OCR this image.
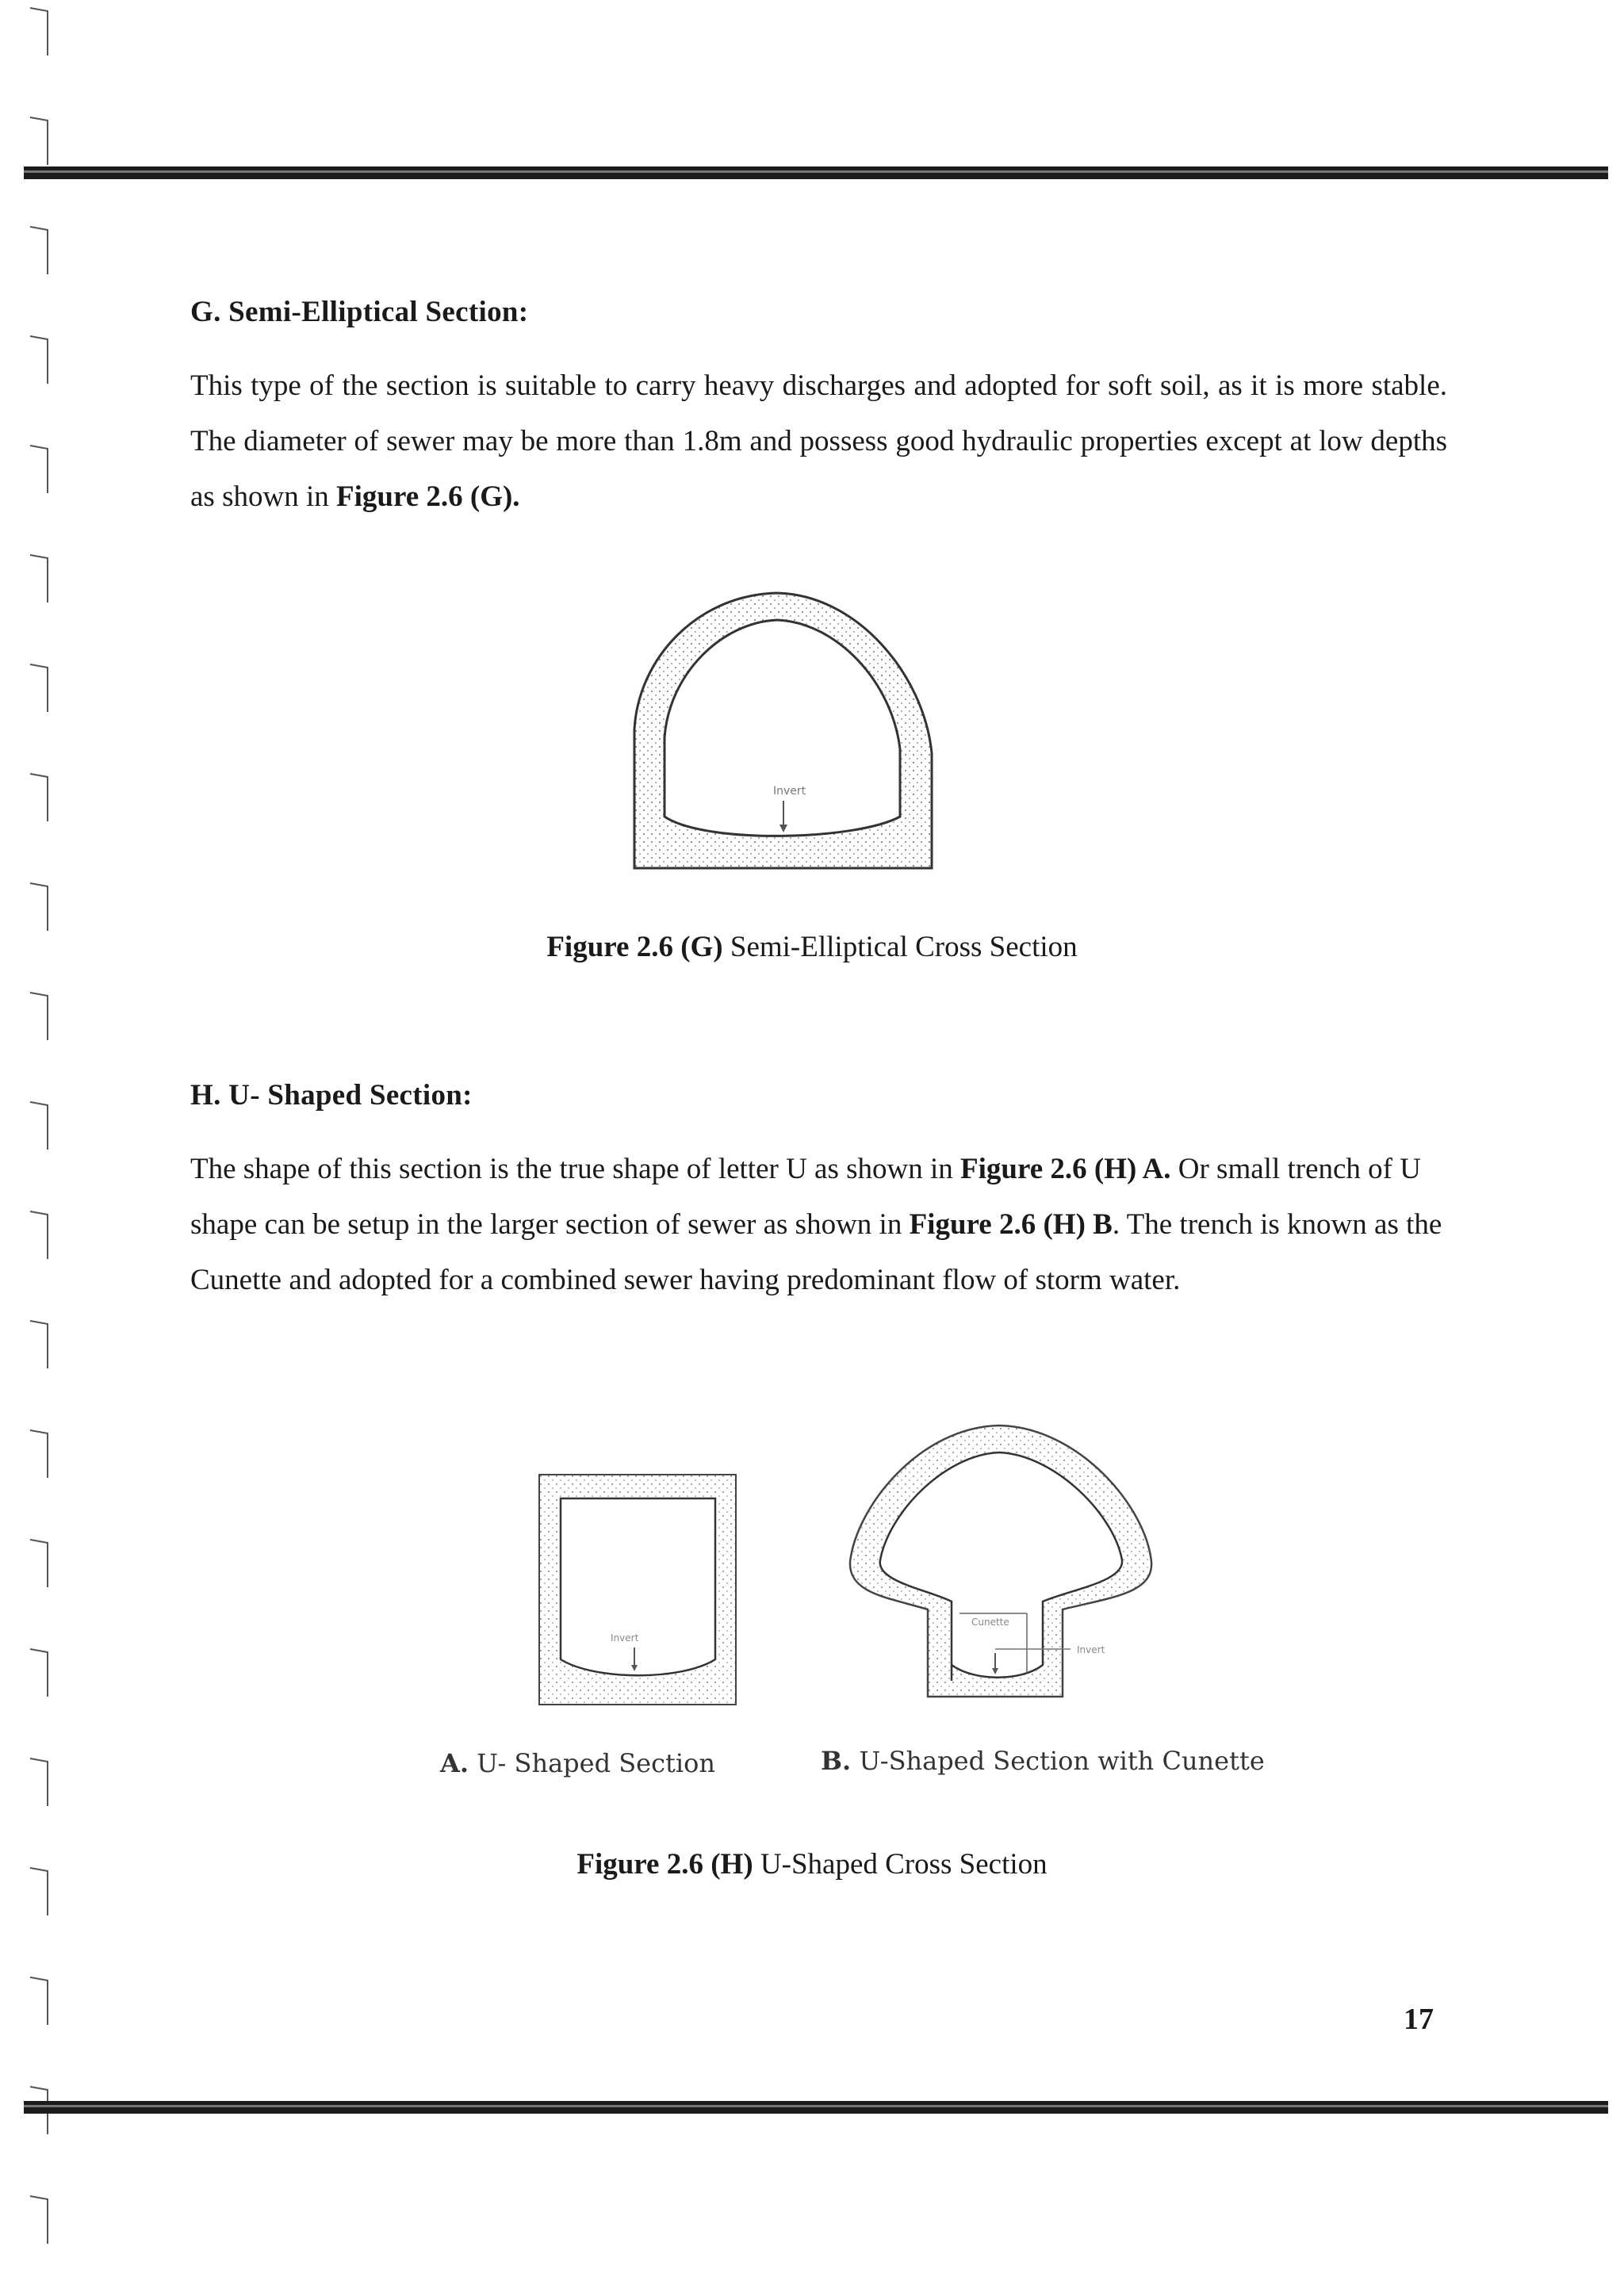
G. Semi-Elliptical Section:

This type of the section is suitable to carry heavy discharges and adopted for soft soil, as it is more stable. The diameter of sewer may be more than 1.8m and possess good hydraulic properties except at low depths as shown in Figure 2.6 (G).

Invert

Figure 2.6 (G) Semi-Elliptical Cross Section

H. U- Shaped Section:

The shape of this section is the true shape of letter U as shown in Figure 2.6 (H) A. Or small trench of U shape can be setup in the larger section of sewer as shown in Figure 2.6 (H) B. The trench is known as the Cunette and adopted for a combined sewer having predominant flow of storm water.

Invert
Cunette
Invert

A. U- Shaped Section	B. U-Shaped Section with Cunette

Figure 2.6 (H) U-Shaped Cross Section

17
